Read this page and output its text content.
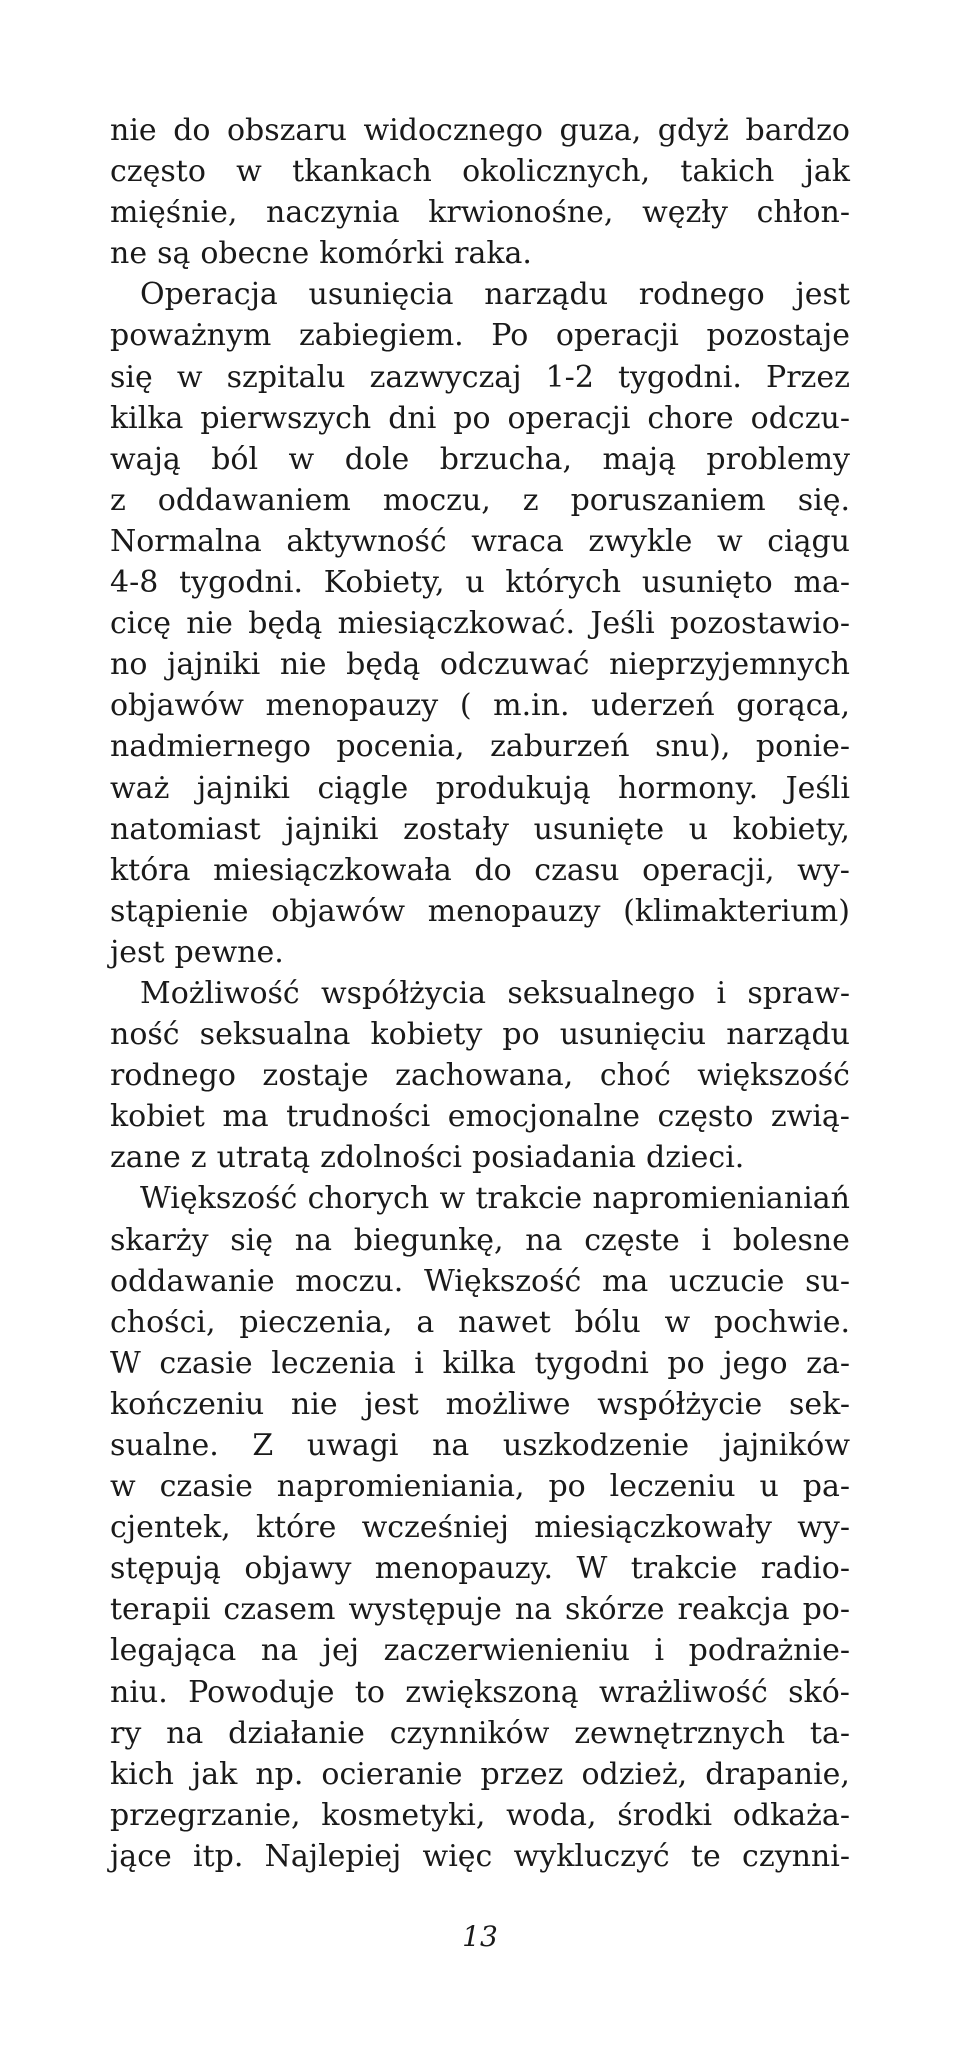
nie do obszaru widocznego guza, gdyż bardzo
często w tkankach okolicznych, takich jak
mięśnie, naczynia krwionośne, węzły chłon-
ne są obecne komórki raka.
Operacja usunięcia narządu rodnego jest
poważnym zabiegiem. Po operacji pozostaje
się w szpitalu zazwyczaj 1-2 tygodni. Przez
kilka pierwszych dni po operacji chore odczu-
wają ból w dole brzucha, mają problemy
z oddawaniem moczu, z poruszaniem się.
Normalna aktywność wraca zwykle w ciągu
4-8 tygodni. Kobiety, u których usunięto ma-
cicę nie będą miesiączkować. Jeśli pozostawio-
no jajniki nie będą odczuwać nieprzyjemnych
objawów menopauzy ( m.in. uderzeń gorąca,
nadmiernego pocenia, zaburzeń snu), ponie-
waż jajniki ciągle produkują hormony. Jeśli
natomiast jajniki zostały usunięte u kobiety,
która miesiączkowała do czasu operacji, wy-
stąpienie objawów menopauzy (klimakterium)
jest pewne.
Możliwość współżycia seksualnego i spraw-
ność seksualna kobiety po usunięciu narządu
rodnego zostaje zachowana, choć większość
kobiet ma trudności emocjonalne często zwią-
zane z utratą zdolności posiadania dzieci.
Większość chorych w trakcie napromienianiań
skarży się na biegunkę, na częste i bolesne
oddawanie moczu. Większość ma uczucie su-
chości, pieczenia, a nawet bólu w pochwie.
W czasie leczenia i kilka tygodni po jego za-
kończeniu nie jest możliwe współżycie sek-
sualne. Z uwagi na uszkodzenie jajników
w czasie napromieniania, po leczeniu u pa-
cjentek, które wcześniej miesiączkowały wy-
stępują objawy menopauzy. W trakcie radio-
terapii czasem występuje na skórze reakcja po-
legająca na jej zaczerwienieniu i podrażnie-
niu. Powoduje to zwiększoną wrażliwość skó-
ry na działanie czynników zewnętrznych ta-
kich jak np. ocieranie przez odzież, drapanie,
przegrzanie, kosmetyki, woda, środki odkaża-
jące itp. Najlepiej więc wykluczyć te czynni-
13
